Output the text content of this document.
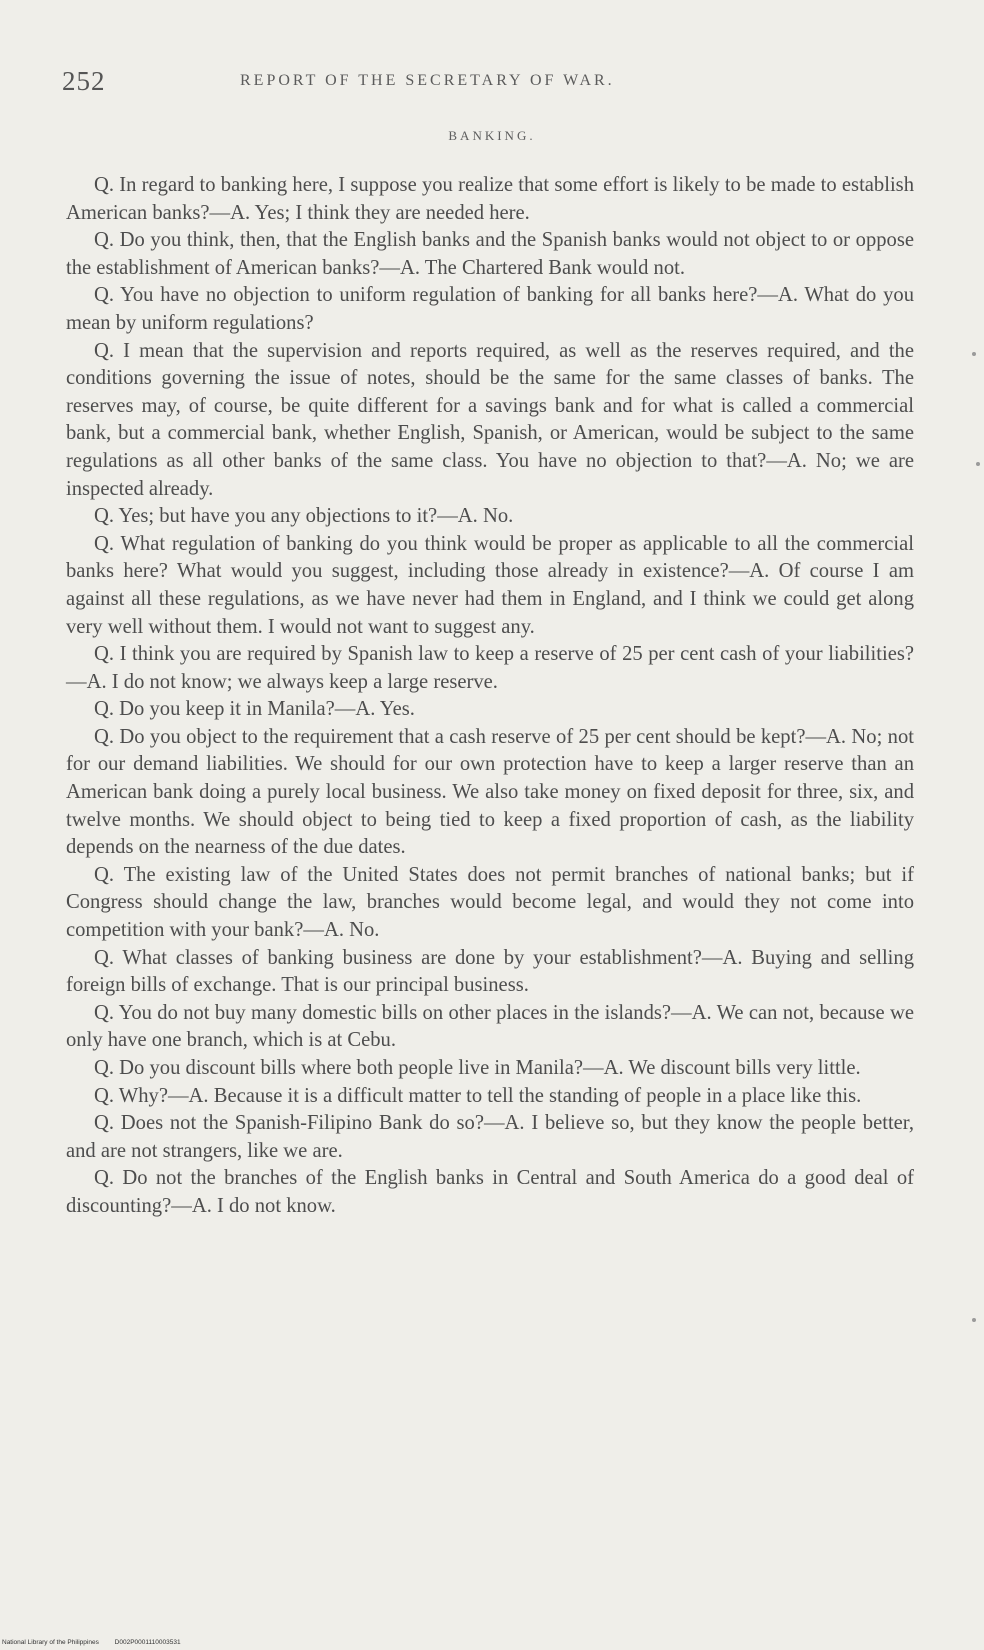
252	REPORT OF THE SECRETARY OF WAR.
BANKING.

Q. In regard to banking here, I suppose you realize that some effort is likely to be made to establish American banks?—A. Yes; I think they are needed here.

Q. Do you think, then, that the English banks and the Spanish banks would not object to or oppose the establishment of American banks?—A. The Chartered Bank would not.

Q. You have no objection to uniform regulation of banking for all banks here?—A. What do you mean by uniform regulations?

Q. I mean that the supervision and reports required, as well as the reserves required, and the conditions governing the issue of notes, should be the same for the same classes of banks. The reserves may, of course, be quite different for a savings bank and for what is called a commercial bank, but a commercial bank, whether English, Spanish, or American, would be subject to the same regulations as all other banks of the same class. You have no objection to that?—A. No; we are inspected already.

Q. Yes; but have you any objections to it?—A. No.

Q. What regulation of banking do you think would be proper as applicable to all the commercial banks here? What would you suggest, including those already in existence?—A. Of course I am against all these regulations, as we have never had them in England, and I think we could get along very well without them. I would not want to suggest any.

Q. I think you are required by Spanish law to keep a reserve of 25 per cent cash of your liabilities?—A. I do not know; we always keep a large reserve.

Q. Do you keep it in Manila?—A. Yes.

Q. Do you object to the requirement that a cash reserve of 25 per cent should be kept?—A. No; not for our demand liabilities. We should for our own protection have to keep a larger reserve than an American bank doing a purely local business. We also take money on fixed deposit for three, six, and twelve months. We should object to being tied to keep a fixed proportion of cash, as the liability depends on the nearness of the due dates.

Q. The existing law of the United States does not permit branches of national banks; but if Congress should change the law, branches would become legal, and would they not come into competition with your bank?—A. No.

Q. What classes of banking business are done by your establishment?—A. Buying and selling foreign bills of exchange. That is our principal business.

Q. You do not buy many domestic bills on other places in the islands?—A. We can not, because we only have one branch, which is at Cebu.

Q. Do you discount bills where both people live in Manila?—A. We discount bills very little.

Q. Why?—A. Because it is a difficult matter to tell the standing of people in a place like this.

Q. Does not the Spanish-Filipino Bank do so?—A. I believe so, but they know the people better, and are not strangers, like we are.

Q. Do not the branches of the English banks in Central and South America do a good deal of discounting?—A. I do not know.

National Library of the Philippines D002P0001110003531
